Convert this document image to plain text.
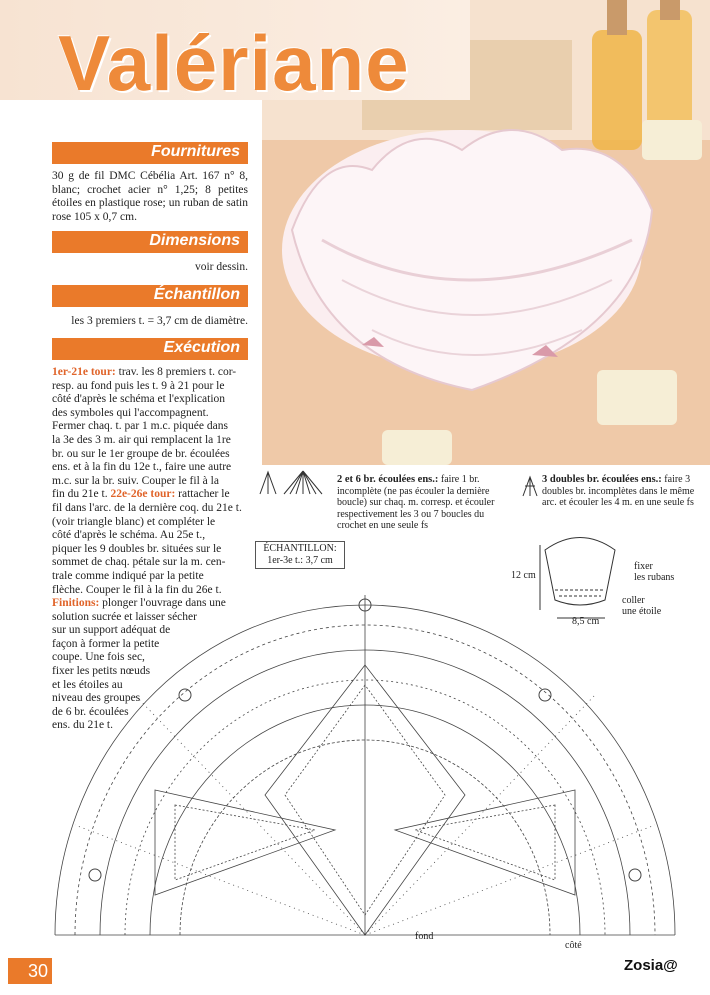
Valériane
Fournitures
30 g de fil DMC Cébélia Art. 167 n° 8, blanc; crochet acier n° 1,25; 8 petites étoiles en plastique rose; un ruban de satin rose 105 x 0,7 cm.
Dimensions
voir dessin.
Échantillon
les 3 premiers t. = 3,7 cm de diamètre.
Exécution
1er-21e tour: trav. les 8 premiers t. cor-
resp. au fond puis les t. 9 à 21 pour le
côté d'après le schéma et l'explication
des symboles qui l'accompagnent.
Fermer chaq. t. par 1 m.c. piquée dans
la 3e des 3 m. air qui remplacent la 1re
br. ou sur le 1er groupe de br. écoulées
ens. et à la fin du 12e t., faire une autre
m.c. sur la br. suiv. Couper le fil à la
fin du 21e t. 22e-26e tour: rattacher le
fil dans l'arc. de la dernière coq. du 21e t.
(voir triangle blanc) et compléter le
côté d'après le schéma. Au 25e t.,
piquer les 9 doubles br. situées sur le
sommet de chaq. pétale sur la m. cen-
trale comme indiqué par la petite
flèche. Couper le fil à la fin du 26e t.
Finitions: plonger l'ouvrage dans une
solution sucrée et laisser sécher
sur un support adéquat de
façon à former la petite
coupe. Une fois sec,
fixer les petits nœuds
et les étoiles au
niveau des groupes
de 6 br. écoulées
ens. du 21e t.
2 et 6 br. écoulées ens.: faire 1 br. incomplète (ne pas écouler la dernière boucle) sur chaq. m. corresp. et écouler respectivement les 3 ou 7 boucles du crochet en une seule fs
3 doubles br. écoulées ens.: faire 3 doubles br. incomplètes dans le même arc. et écouler les 4 m. en une seule fs
ÉCHANTILLON:
1er-3e t.: 3,7 cm
12 cm
8,5 cm
fixer
les rubans
coller
une étoile
fond
côté
30	Zosia@
